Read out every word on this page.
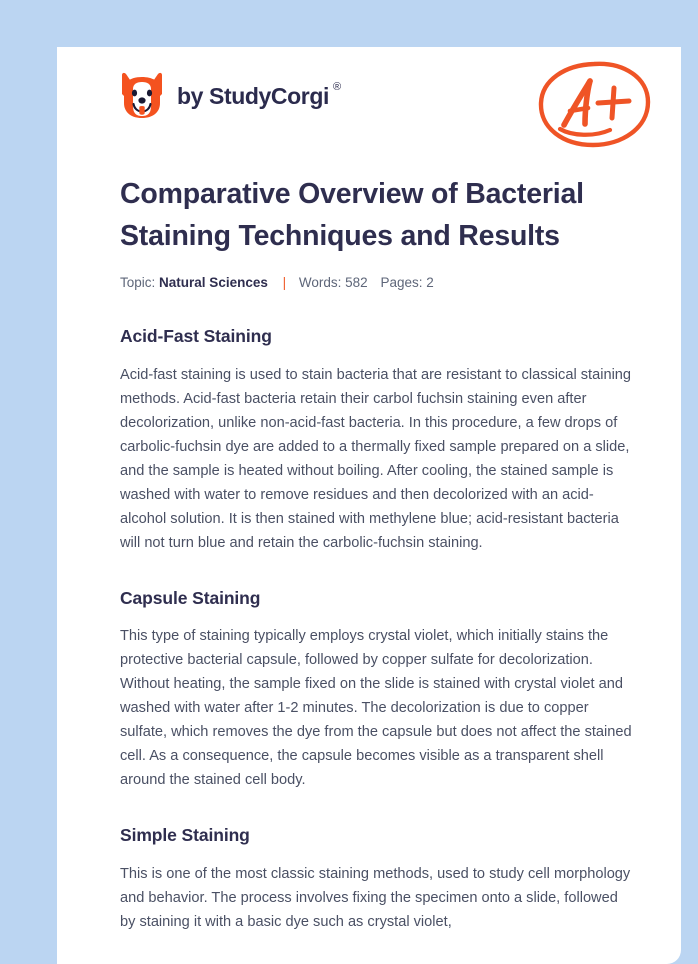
by
StudyCorgi ®
Comparative Overview of Bacterial Staining Techniques and Results
Topic: Natural Sciences | Words: 582 Pages: 2
Acid-Fast Staining

Acid-fast staining is used to stain bacteria that are resistant to classical staining methods. Acid-fast bacteria retain their carbol fuchsin staining even after decolorization, unlike non-acid-fast bacteria. In this procedure, a few drops of carbolic-fuchsin dye are added to a thermally fixed sample prepared on a slide, and the sample is heated without boiling. After cooling, the stained sample is washed with water to remove residues and then decolorized with an acid-alcohol solution. It is then stained with methylene blue; acid-resistant bacteria will not turn blue and retain the carbolic-fuchsin staining.

Capsule Staining

This type of staining typically employs crystal violet, which initially stains the protective bacterial capsule, followed by copper sulfate for decolorization. Without heating, the sample fixed on the slide is stained with crystal violet and washed with water after 1-2 minutes. The decolorization is due to copper sulfate, which removes the dye from the capsule but does not affect the stained cell. As a consequence, the capsule becomes visible as a transparent shell around the stained cell body.

Simple Staining

This is one of the most classic staining methods, used to study cell morphology and behavior. The process involves fixing the specimen onto a slide, followed by staining it with a basic dye such as crystal violet,
